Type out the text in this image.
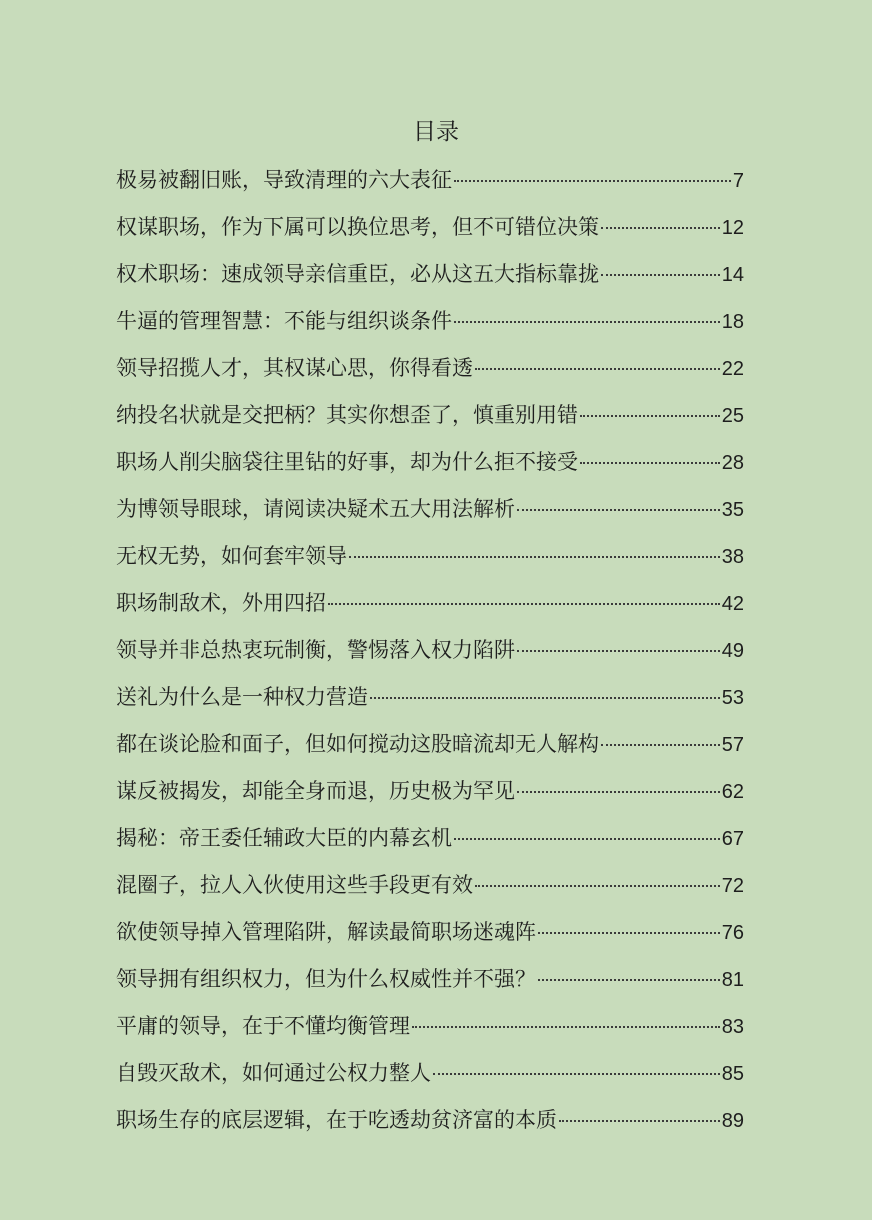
目录
极易被翻旧账，导致清理的六大表征	7
权谋职场，作为下属可以换位思考，但不可错位决策	12
权术职场：速成领导亲信重臣，必从这五大指标靠拢	14
牛逼的管理智慧：不能与组织谈条件	18
领导招揽人才，其权谋心思，你得看透	22
纳投名状就是交把柄？其实你想歪了，慎重别用错	25
职场人削尖脑袋往里钻的好事，却为什么拒不接受	28
为博领导眼球，请阅读决疑术五大用法解析	35
无权无势，如何套牢领导	38
职场制敌术，外用四招	42
领导并非总热衷玩制衡，警惕落入权力陷阱	49
送礼为什么是一种权力营造	53
都在谈论脸和面子，但如何搅动这股暗流却无人解构	57
谋反被揭发，却能全身而退，历史极为罕见	62
揭秘：帝王委任辅政大臣的内幕玄机	67
混圈子，拉人入伙使用这些手段更有效	72
欲使领导掉入管理陷阱，解读最简职场迷魂阵	76
领导拥有组织权力，但为什么权威性并不强？	81
平庸的领导，在于不懂均衡管理	83
自毁灭敌术，如何通过公权力整人	85
职场生存的底层逻辑，在于吃透劫贫济富的本质	89
